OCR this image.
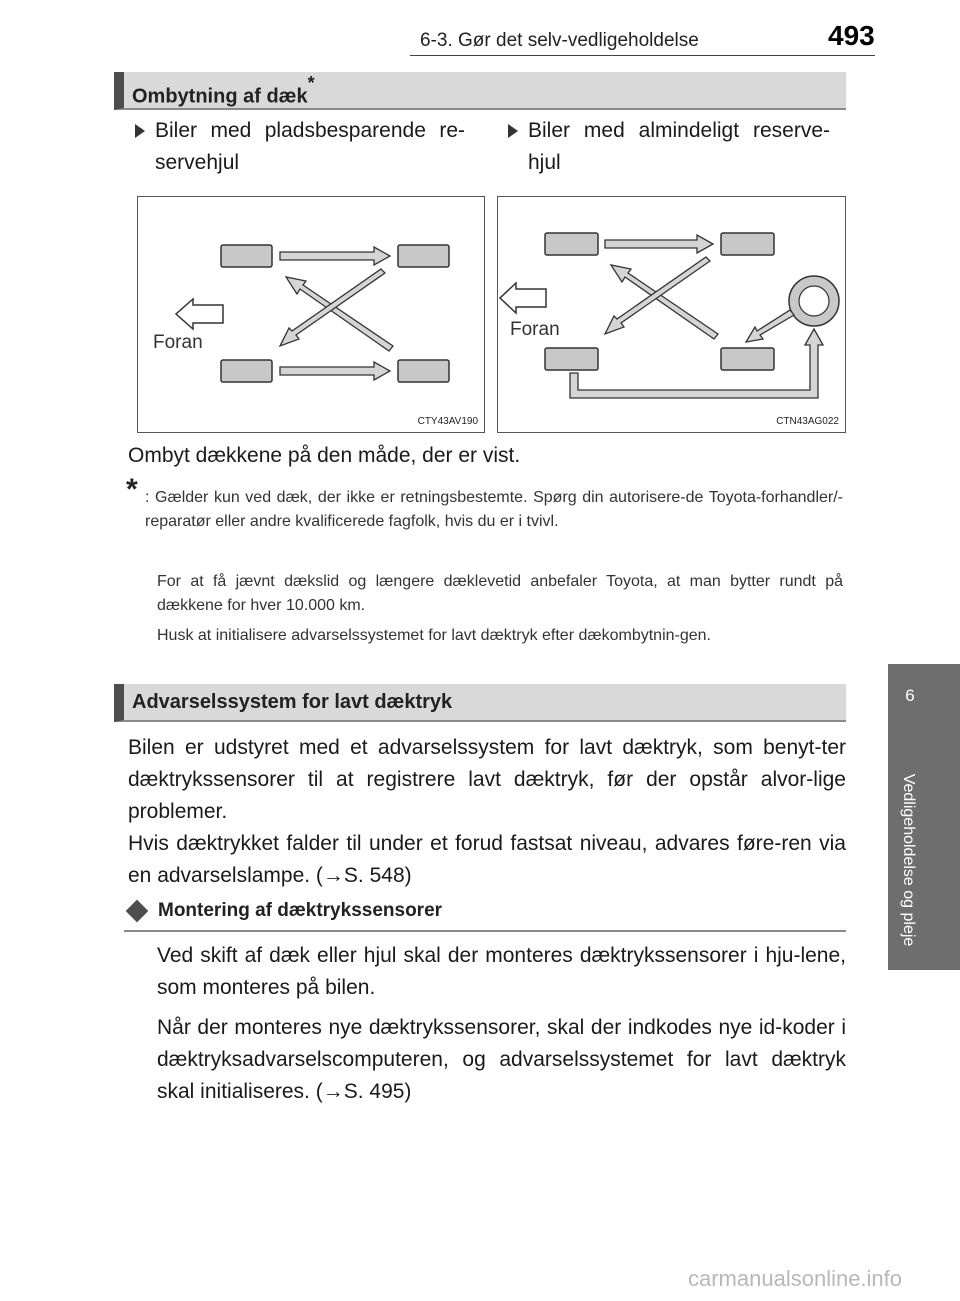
6-3. Gør det selv-vedligeholdelse	493
6
Vedligeholdelse og pleje
Ombytning af dæk*
Biler med pladsbesparende re-servehjul
Biler med almindeligt reserve-hjul
Foran
CTY43AV190
Foran
CTN43AG022
Ombyt dækkene på den måde, der er vist.
* : Gælder kun ved dæk, der ikke er retningsbestemte. Spørg din autorisere-de Toyota-forhandler/-reparatør eller andre kvalificerede fagfolk, hvis du er i tvivl.
For at få jævnt dækslid og længere dæklevetid anbefaler Toyota, at man bytter rundt på dækkene for hver 10.000 km.
Husk at initialisere advarselssystemet for lavt dæktryk efter dækombytnin-gen.
Advarselssystem for lavt dæktryk
Bilen er udstyret med et advarselssystem for lavt dæktryk, som benyt-ter dæktrykssensorer til at registrere lavt dæktryk, før der opstår alvor-lige problemer.
Hvis dæktrykket falder til under et forud fastsat niveau, advares føre-ren via en advarselslampe. (→S. 548)
Montering af dæktrykssensorer
Ved skift af dæk eller hjul skal der monteres dæktrykssensorer i hju-lene, som monteres på bilen.
Når der monteres nye dæktrykssensorer, skal der indkodes nye id-koder i dæktryksadvarselscomputeren, og advarselssystemet for lavt dæktryk skal initialiseres. (→S. 495)
carmanualsonline.info
